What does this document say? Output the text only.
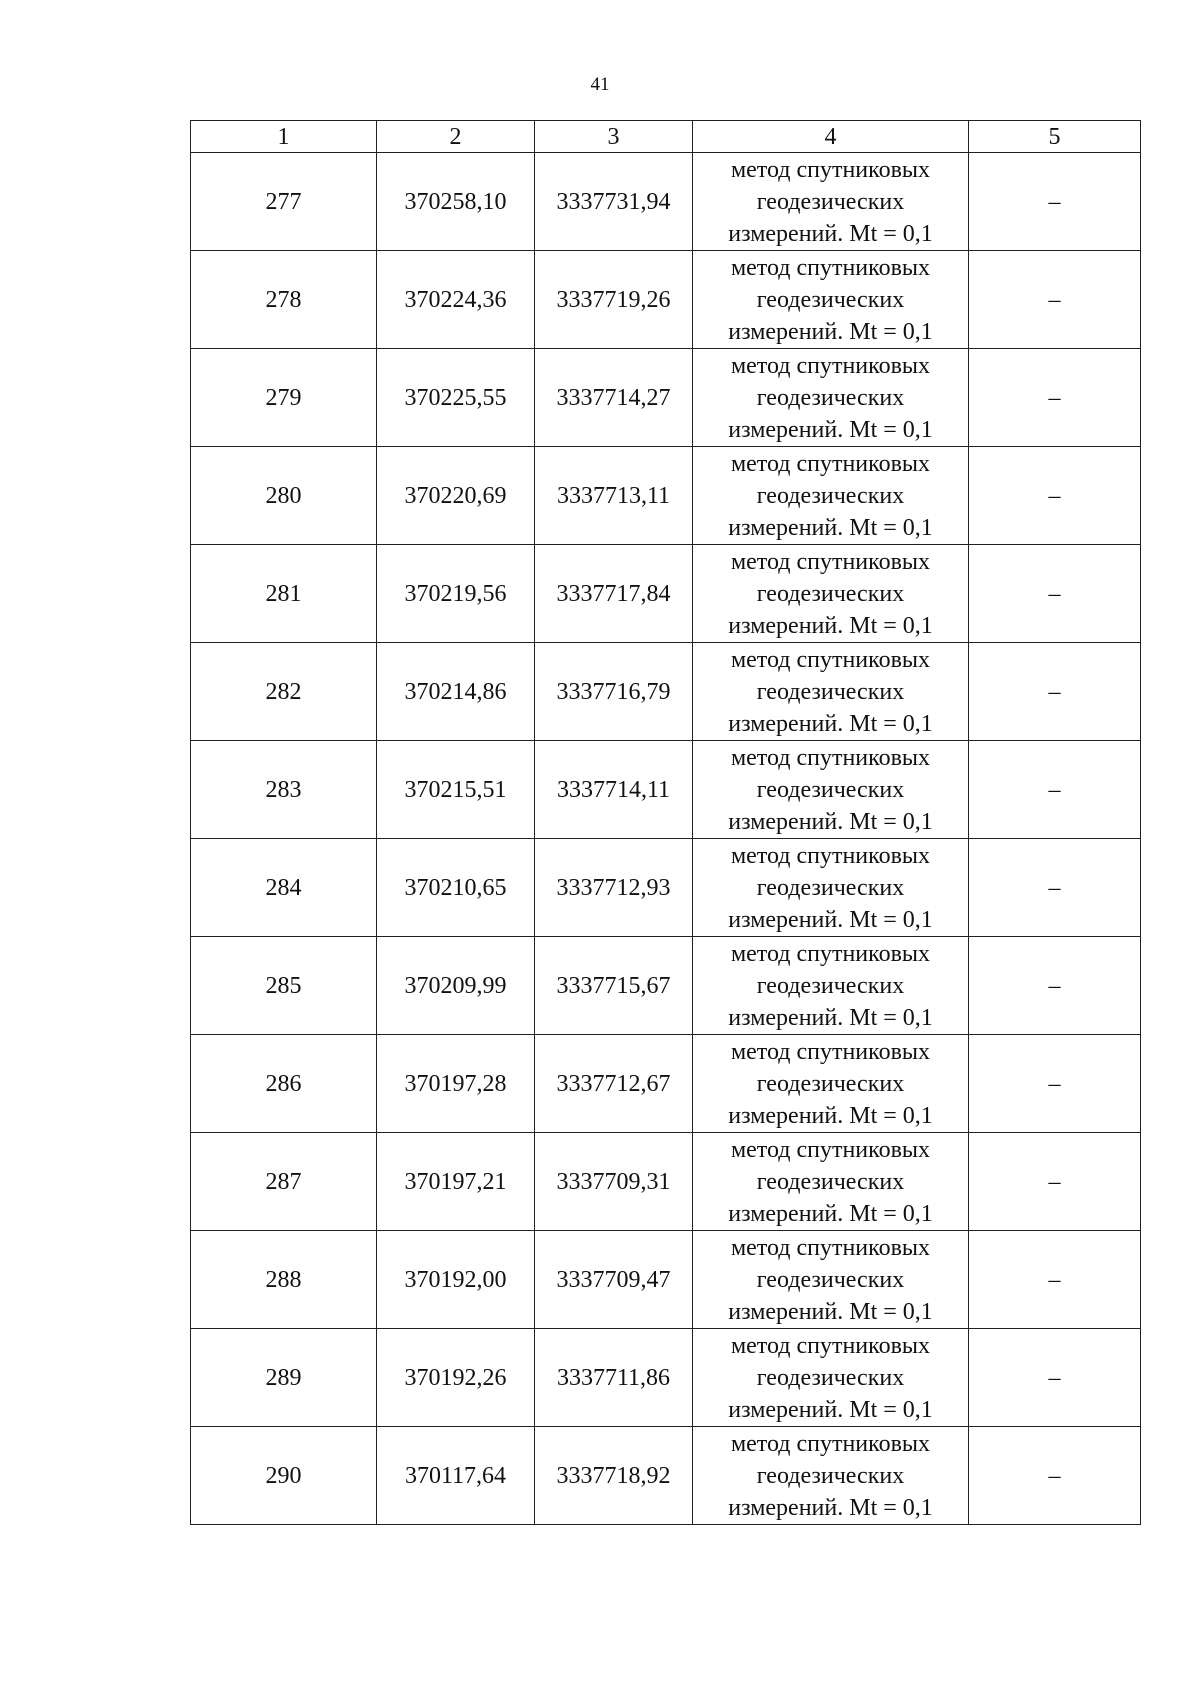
41
1	2	3	4	5
277	370258,10	3337731,94	метод спутниковых
геодезических
измерений. Mt = 0,1	–
278	370224,36	3337719,26	метод спутниковых
геодезических
измерений. Mt = 0,1	–
279	370225,55	3337714,27	метод спутниковых
геодезических
измерений. Mt = 0,1	–
280	370220,69	3337713,11	метод спутниковых
геодезических
измерений. Mt = 0,1	–
281	370219,56	3337717,84	метод спутниковых
геодезических
измерений. Mt = 0,1	–
282	370214,86	3337716,79	метод спутниковых
геодезических
измерений. Mt = 0,1	–
283	370215,51	3337714,11	метод спутниковых
геодезических
измерений. Mt = 0,1	–
284	370210,65	3337712,93	метод спутниковых
геодезических
измерений. Mt = 0,1	–
285	370209,99	3337715,67	метод спутниковых
геодезических
измерений. Mt = 0,1	–
286	370197,28	3337712,67	метод спутниковых
геодезических
измерений. Mt = 0,1	–
287	370197,21	3337709,31	метод спутниковых
геодезических
измерений. Mt = 0,1	–
288	370192,00	3337709,47	метод спутниковых
геодезических
измерений. Mt = 0,1	–
289	370192,26	3337711,86	метод спутниковых
геодезических
измерений. Mt = 0,1	–
290	370117,64	3337718,92	метод спутниковых
геодезических
измерений. Mt = 0,1	–
